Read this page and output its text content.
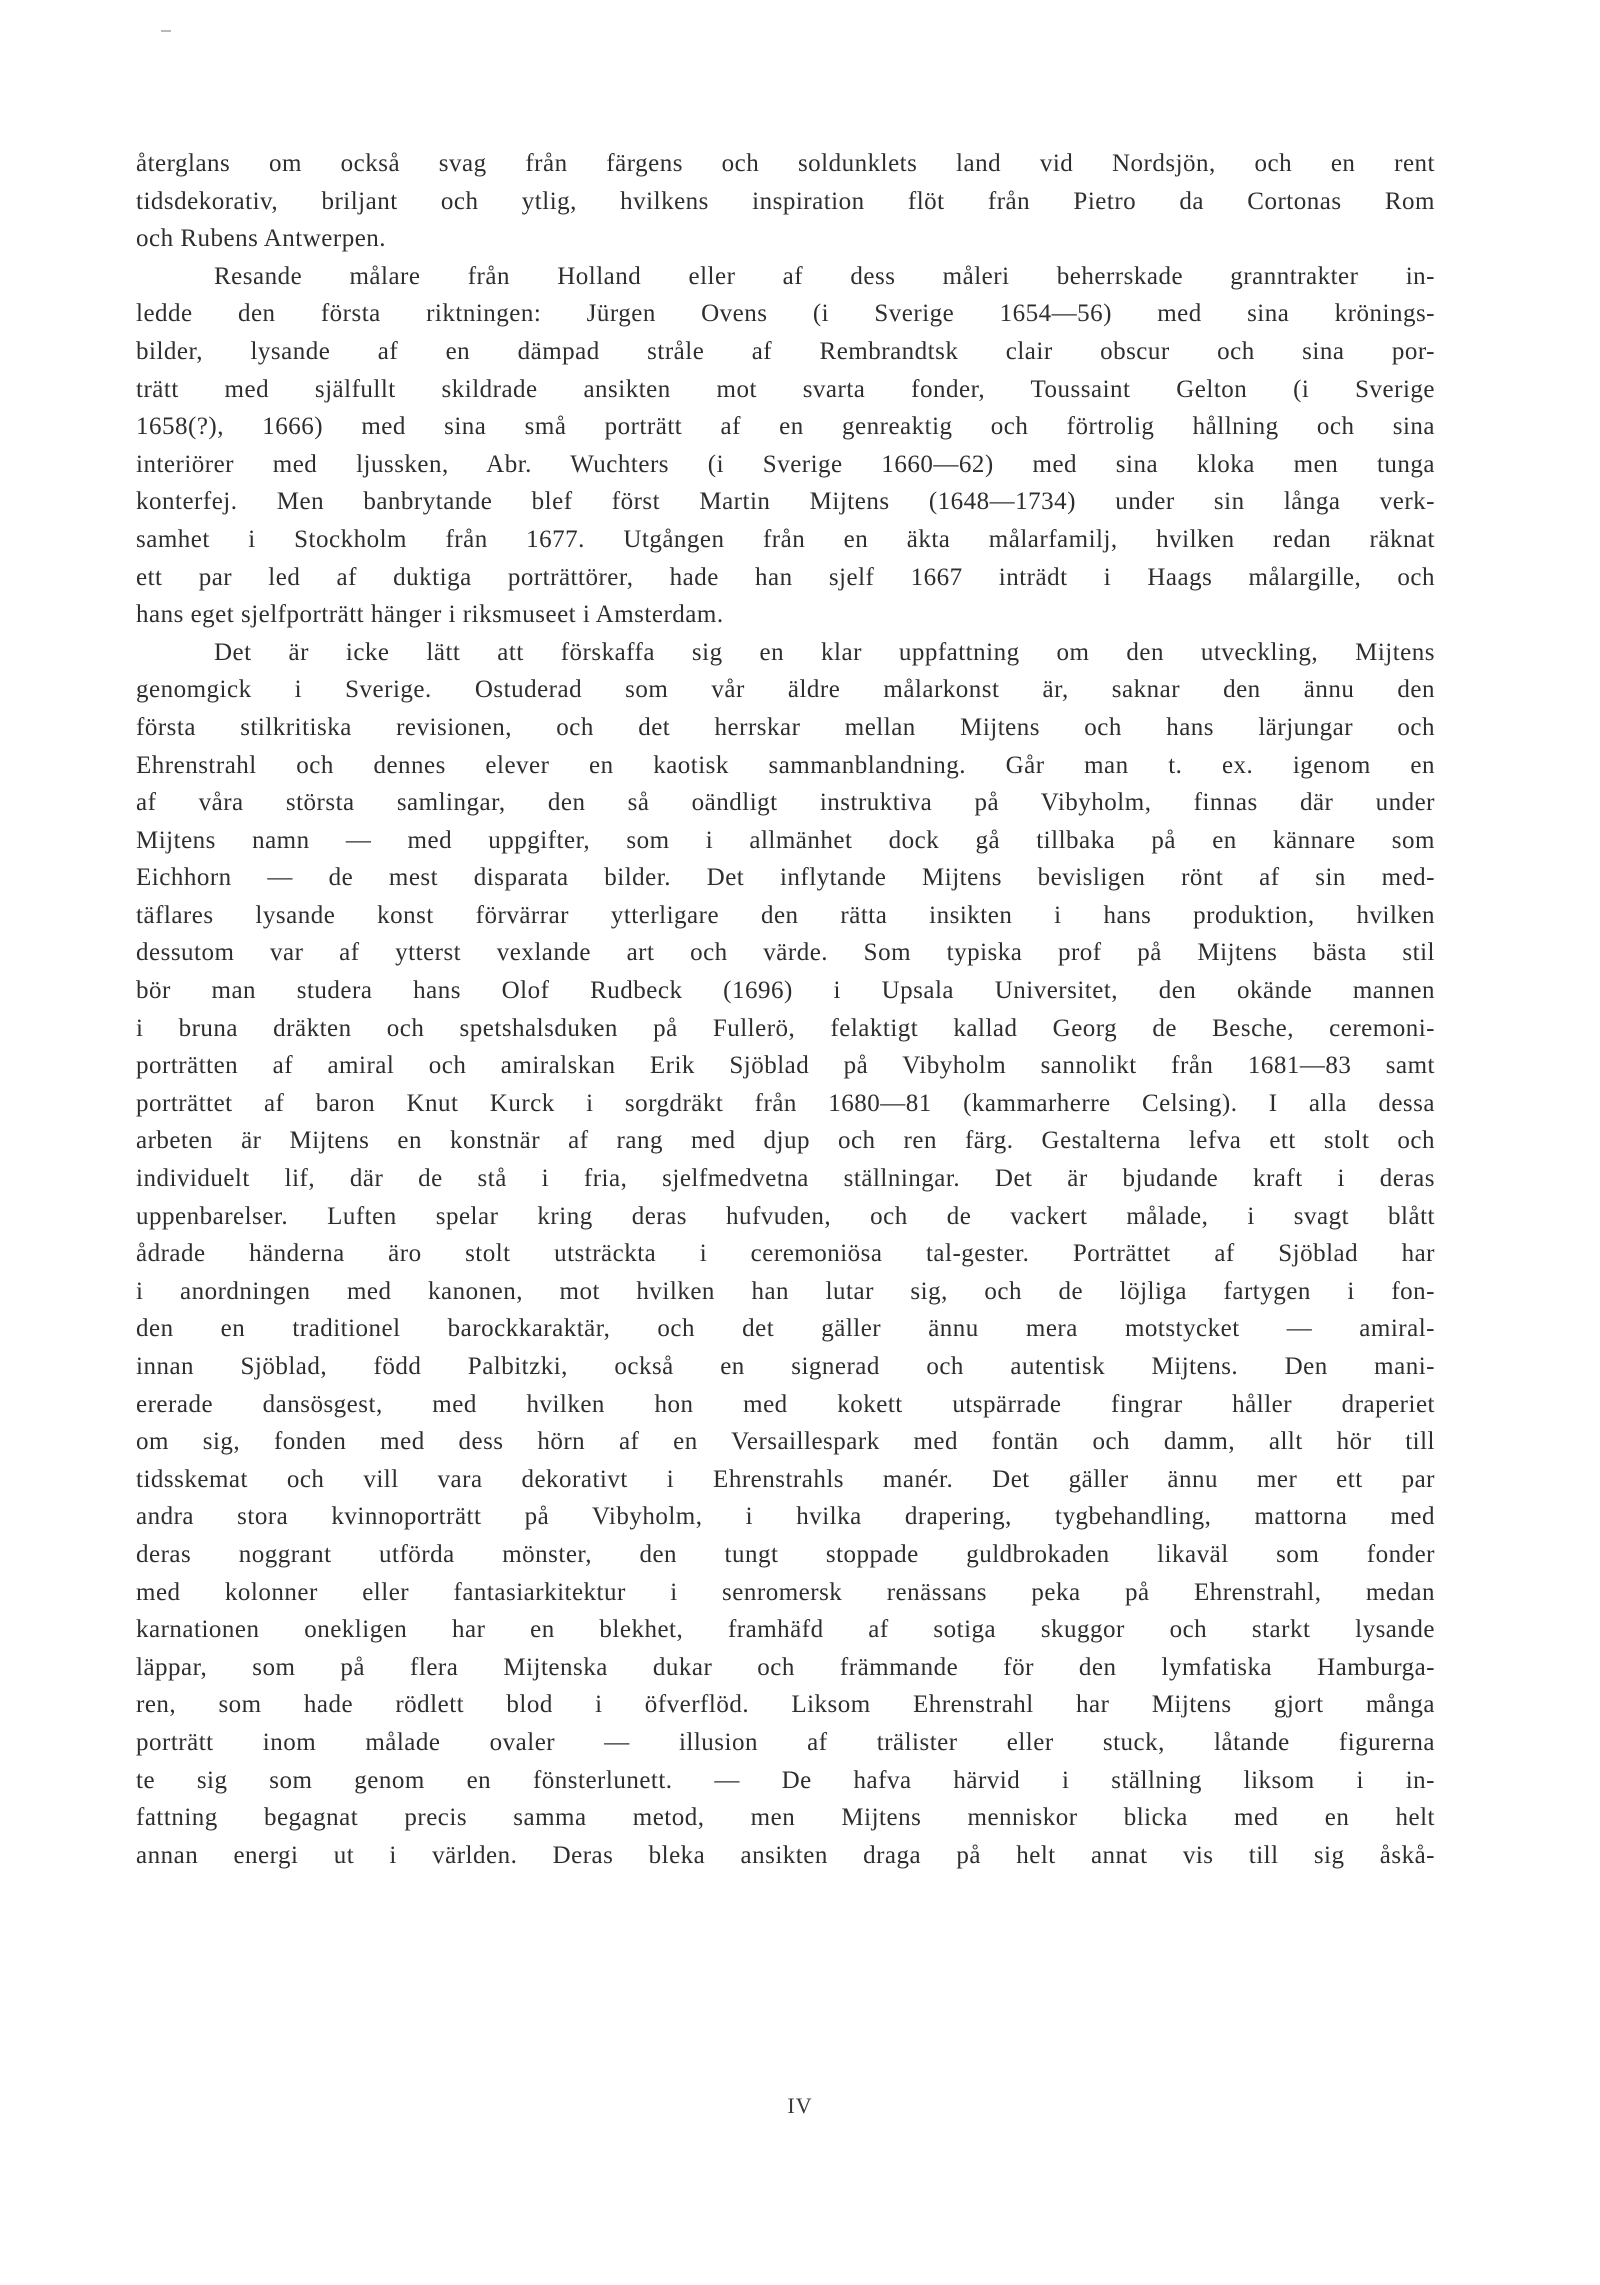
återglans om också svag från färgens och soldunklets land vid Nordsjön, och en rent
tidsdekorativ, briljant och ytlig, hvilkens inspiration flöt från Pietro da Cortonas Rom
och Rubens Antwerpen.
Resande målare från Holland eller af dess måleri beherrskade granntrakter in-
ledde den första riktningen: Jürgen Ovens (i Sverige 1654—56) med sina krönings-
bilder, lysande af en dämpad stråle af Rembrandtsk clair obscur och sina por-
trätt med själfullt skildrade ansikten mot svarta fonder, Toussaint Gelton (i Sverige
1658(?), 1666) med sina små porträtt af en genreaktig och förtrolig hållning och sina
interiörer med ljussken, Abr. Wuchters (i Sverige 1660—62) med sina kloka men tunga
konterfej. Men banbrytande blef först Martin Mijtens (1648—1734) under sin långa verk-
samhet i Stockholm från 1677. Utgången från en äkta målarfamilj, hvilken redan räknat
ett par led af duktiga porträttörer, hade han sjelf 1667 inträdt i Haags målargille, och
hans eget sjelfporträtt hänger i riksmuseet i Amsterdam.
Det är icke lätt att förskaffa sig en klar uppfattning om den utveckling, Mijtens
genomgick i Sverige. Ostuderad som vår äldre målarkonst är, saknar den ännu den
första stilkritiska revisionen, och det herrskar mellan Mijtens och hans lärjungar och
Ehrenstrahl och dennes elever en kaotisk sammanblandning. Går man t. ex. igenom en
af våra största samlingar, den så oändligt instruktiva på Vibyholm, finnas där under
Mijtens namn — med uppgifter, som i allmänhet dock gå tillbaka på en kännare som
Eichhorn — de mest disparata bilder. Det inflytande Mijtens bevisligen rönt af sin med-
täflares lysande konst förvärrar ytterligare den rätta insikten i hans produktion, hvilken
dessutom var af ytterst vexlande art och värde. Som typiska prof på Mijtens bästa stil
bör man studera hans Olof Rudbeck (1696) i Upsala Universitet, den okände mannen
i bruna dräkten och spetshalsduken på Fullerö, felaktigt kallad Georg de Besche, ceremoni-
porträtten af amiral och amiralskan Erik Sjöblad på Vibyholm sannolikt från 1681—83 samt
porträttet af baron Knut Kurck i sorgdräkt från 1680—81 (kammarherre Celsing). I alla dessa
arbeten är Mijtens en konstnär af rang med djup och ren färg. Gestalterna lefva ett stolt och
individuelt lif, där de stå i fria, sjelfmedvetna ställningar. Det är bjudande kraft i deras
uppenbarelser. Luften spelar kring deras hufvuden, och de vackert målade, i svagt blått
ådrade händerna äro stolt utsträckta i ceremoniösa tal-gester. Porträttet af Sjöblad har
i anordningen med kanonen, mot hvilken han lutar sig, och de löjliga fartygen i fon-
den en traditionel barockkaraktär, och det gäller ännu mera motstycket — amiral-
innan Sjöblad, född Palbitzki, också en signerad och autentisk Mijtens. Den mani-
ererade dansösgest, med hvilken hon med kokett utspärrade fingrar håller draperiet
om sig, fonden med dess hörn af en Versaillespark med fontän och damm, allt hör till
tidsskemat och vill vara dekorativt i Ehrenstrahls manér. Det gäller ännu mer ett par
andra stora kvinnoporträtt på Vibyholm, i hvilka drapering, tygbehandling, mattorna med
deras noggrant utförda mönster, den tungt stoppade guldbrokaden likaväl som fonder
med kolonner eller fantasiarkitektur i senromersk renässans peka på Ehrenstrahl, medan
karnationen onekligen har en blekhet, framhäfd af sotiga skuggor och starkt lysande
läppar, som på flera Mijtenska dukar och främmande för den lymfatiska Hamburga-
ren, som hade rödlett blod i öfverflöd. Liksom Ehrenstrahl har Mijtens gjort många
porträtt inom målade ovaler — illusion af trälister eller stuck, låtande figurerna
te sig som genom en fönsterlunett. — De hafva härvid i ställning liksom i in-
fattning begagnat precis samma metod, men Mijtens menniskor blicka med en helt
annan energi ut i världen. Deras bleka ansikten draga på helt annat vis till sig åskå-
IV
